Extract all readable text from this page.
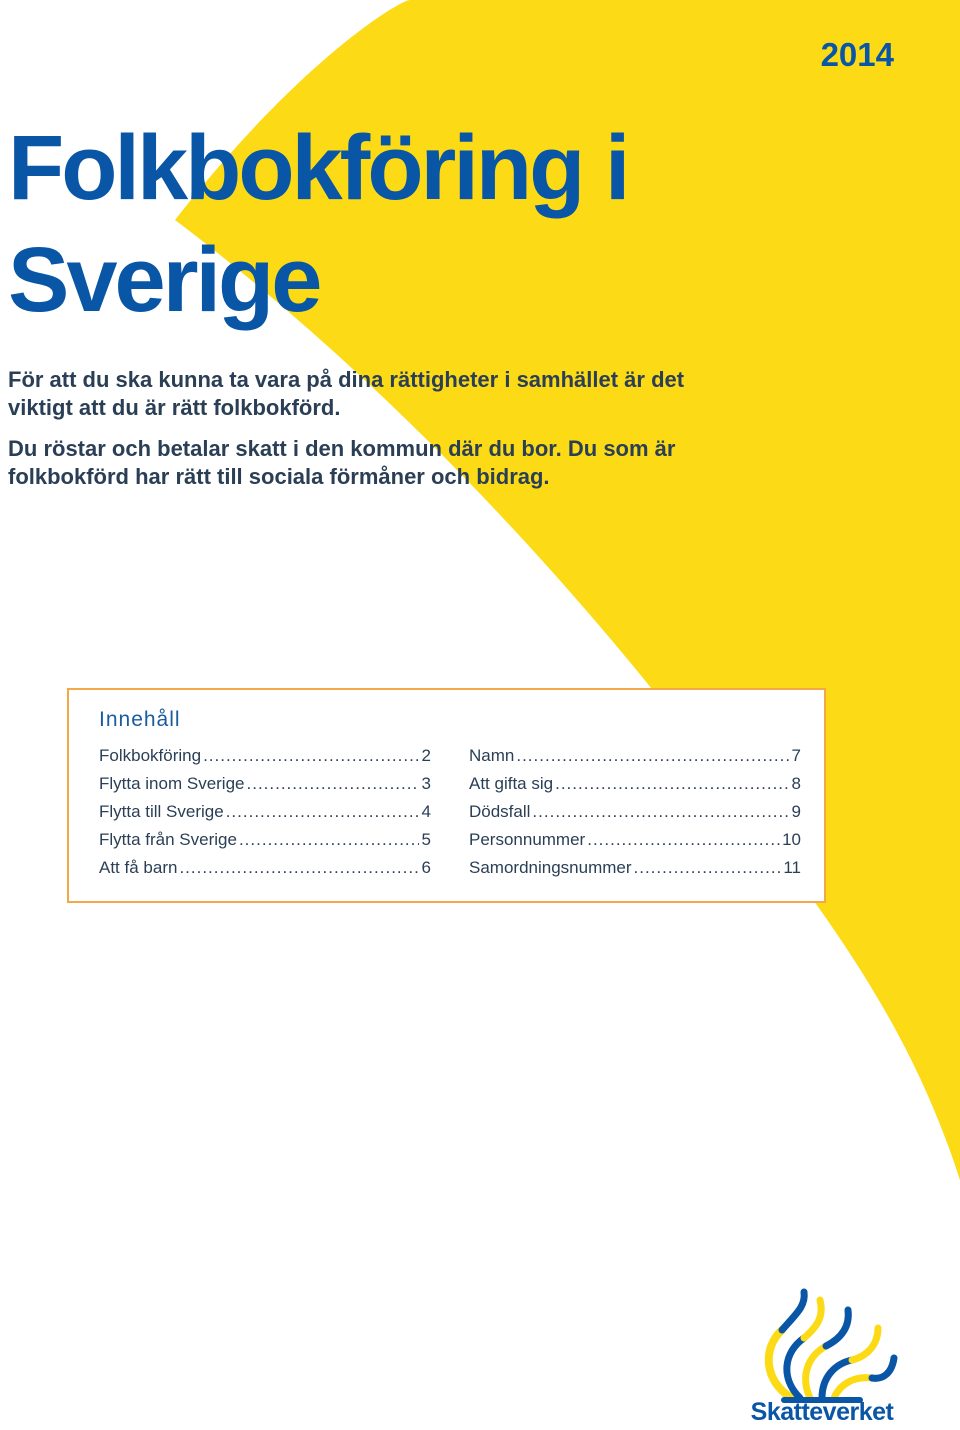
2014
Folkbokföring i
Sverige

För att du ska kunna ta vara på dina rättigheter i samhället är det viktigt att du är rätt folkbokförd.

Du röstar och betalar skatt i den kommun där du bor. Du som är folkbokförd har rätt till sociala förmåner och bidrag.

Innehåll
Folkbokföring .....	2
Flytta inom Sverige .....	3
Flytta till Sverige .....	4
Flytta från Sverige .....	5
Att få barn .....	6
Namn .....	7
Att gifta sig .....	8
Dödsfall .....	9
Personnummer .....	10
Samordningsnummer .....	11
Skatteverket
